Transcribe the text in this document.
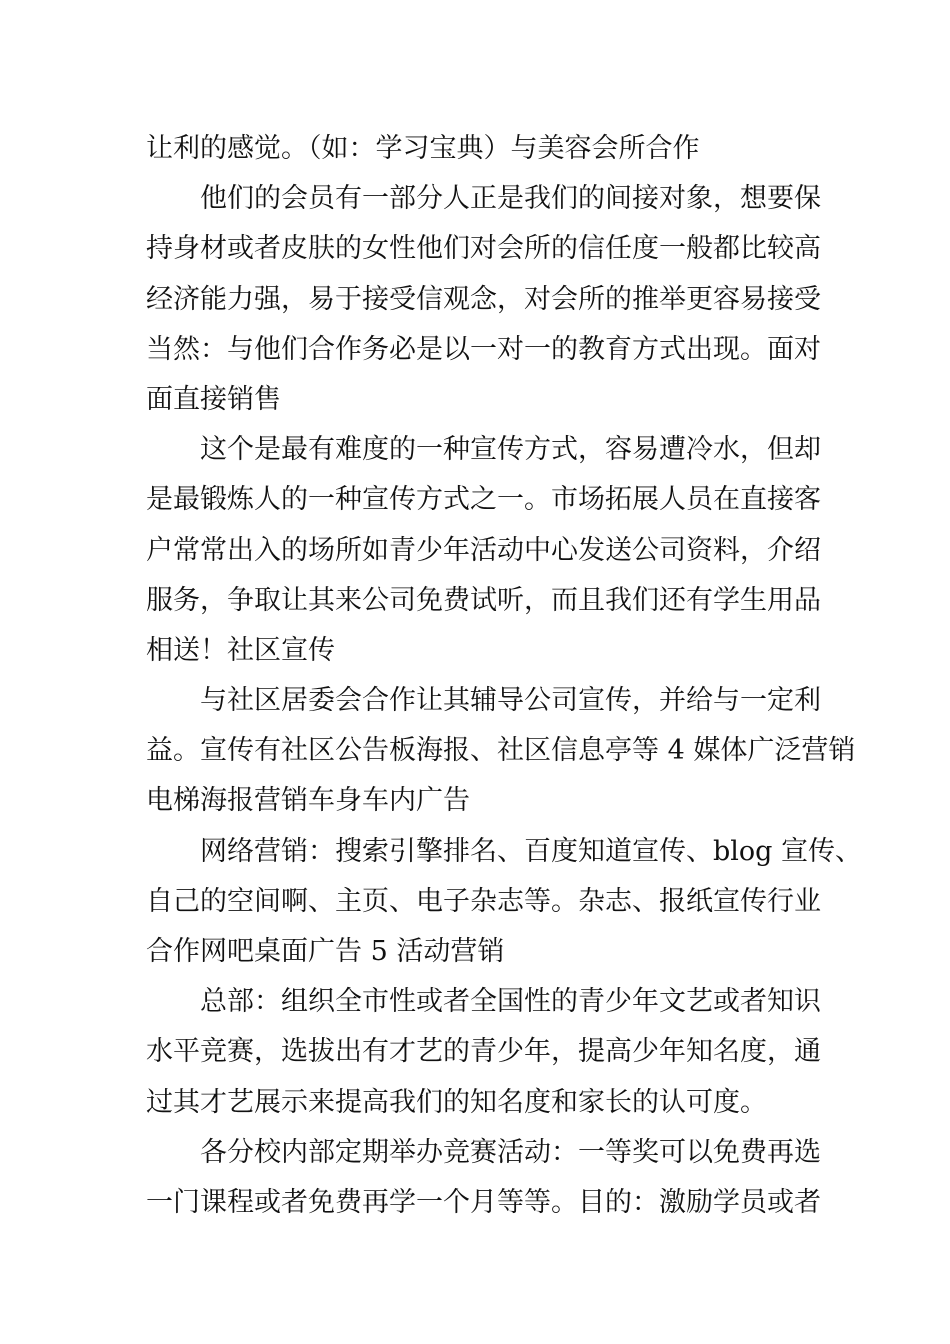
让利的感觉。（如：学习宝典）与美容会所合作
他们的会员有一部分人正是我们的间接对象，想要保
持身材或者皮肤的女性他们对会所的信任度一般都比较高
经济能力强，易于接受信观念，对会所的推举更容易接受
当然：与他们合作务必是以一对一的教育方式出现。面对
面直接销售
这个是最有难度的一种宣传方式，容易遭冷水，但却
是最锻炼人的一种宣传方式之一。市场拓展人员在直接客
户常常出入的场所如青少年活动中心发送公司资料，介绍
服务，争取让其来公司免费试听，而且我们还有学生用品
相送！社区宣传
与社区居委会合作让其辅导公司宣传，并给与一定利
益。宣传有社区公告板海报、社区信息亭等 4 媒体广泛营销
电梯海报营销车身车内广告
网络营销：搜索引擎排名、百度知道宣传、blog 宣传、
自己的空间啊、主页、电子杂志等。杂志、报纸宣传行业
合作网吧桌面广告 5 活动营销
总部：组织全市性或者全国性的青少年文艺或者知识
水平竞赛，选拔出有才艺的青少年，提高少年知名度，通
过其才艺展示来提高我们的知名度和家长的认可度。
各分校内部定期举办竞赛活动：一等奖可以免费再选
一门课程或者免费再学一个月等等。目的：激励学员或者
